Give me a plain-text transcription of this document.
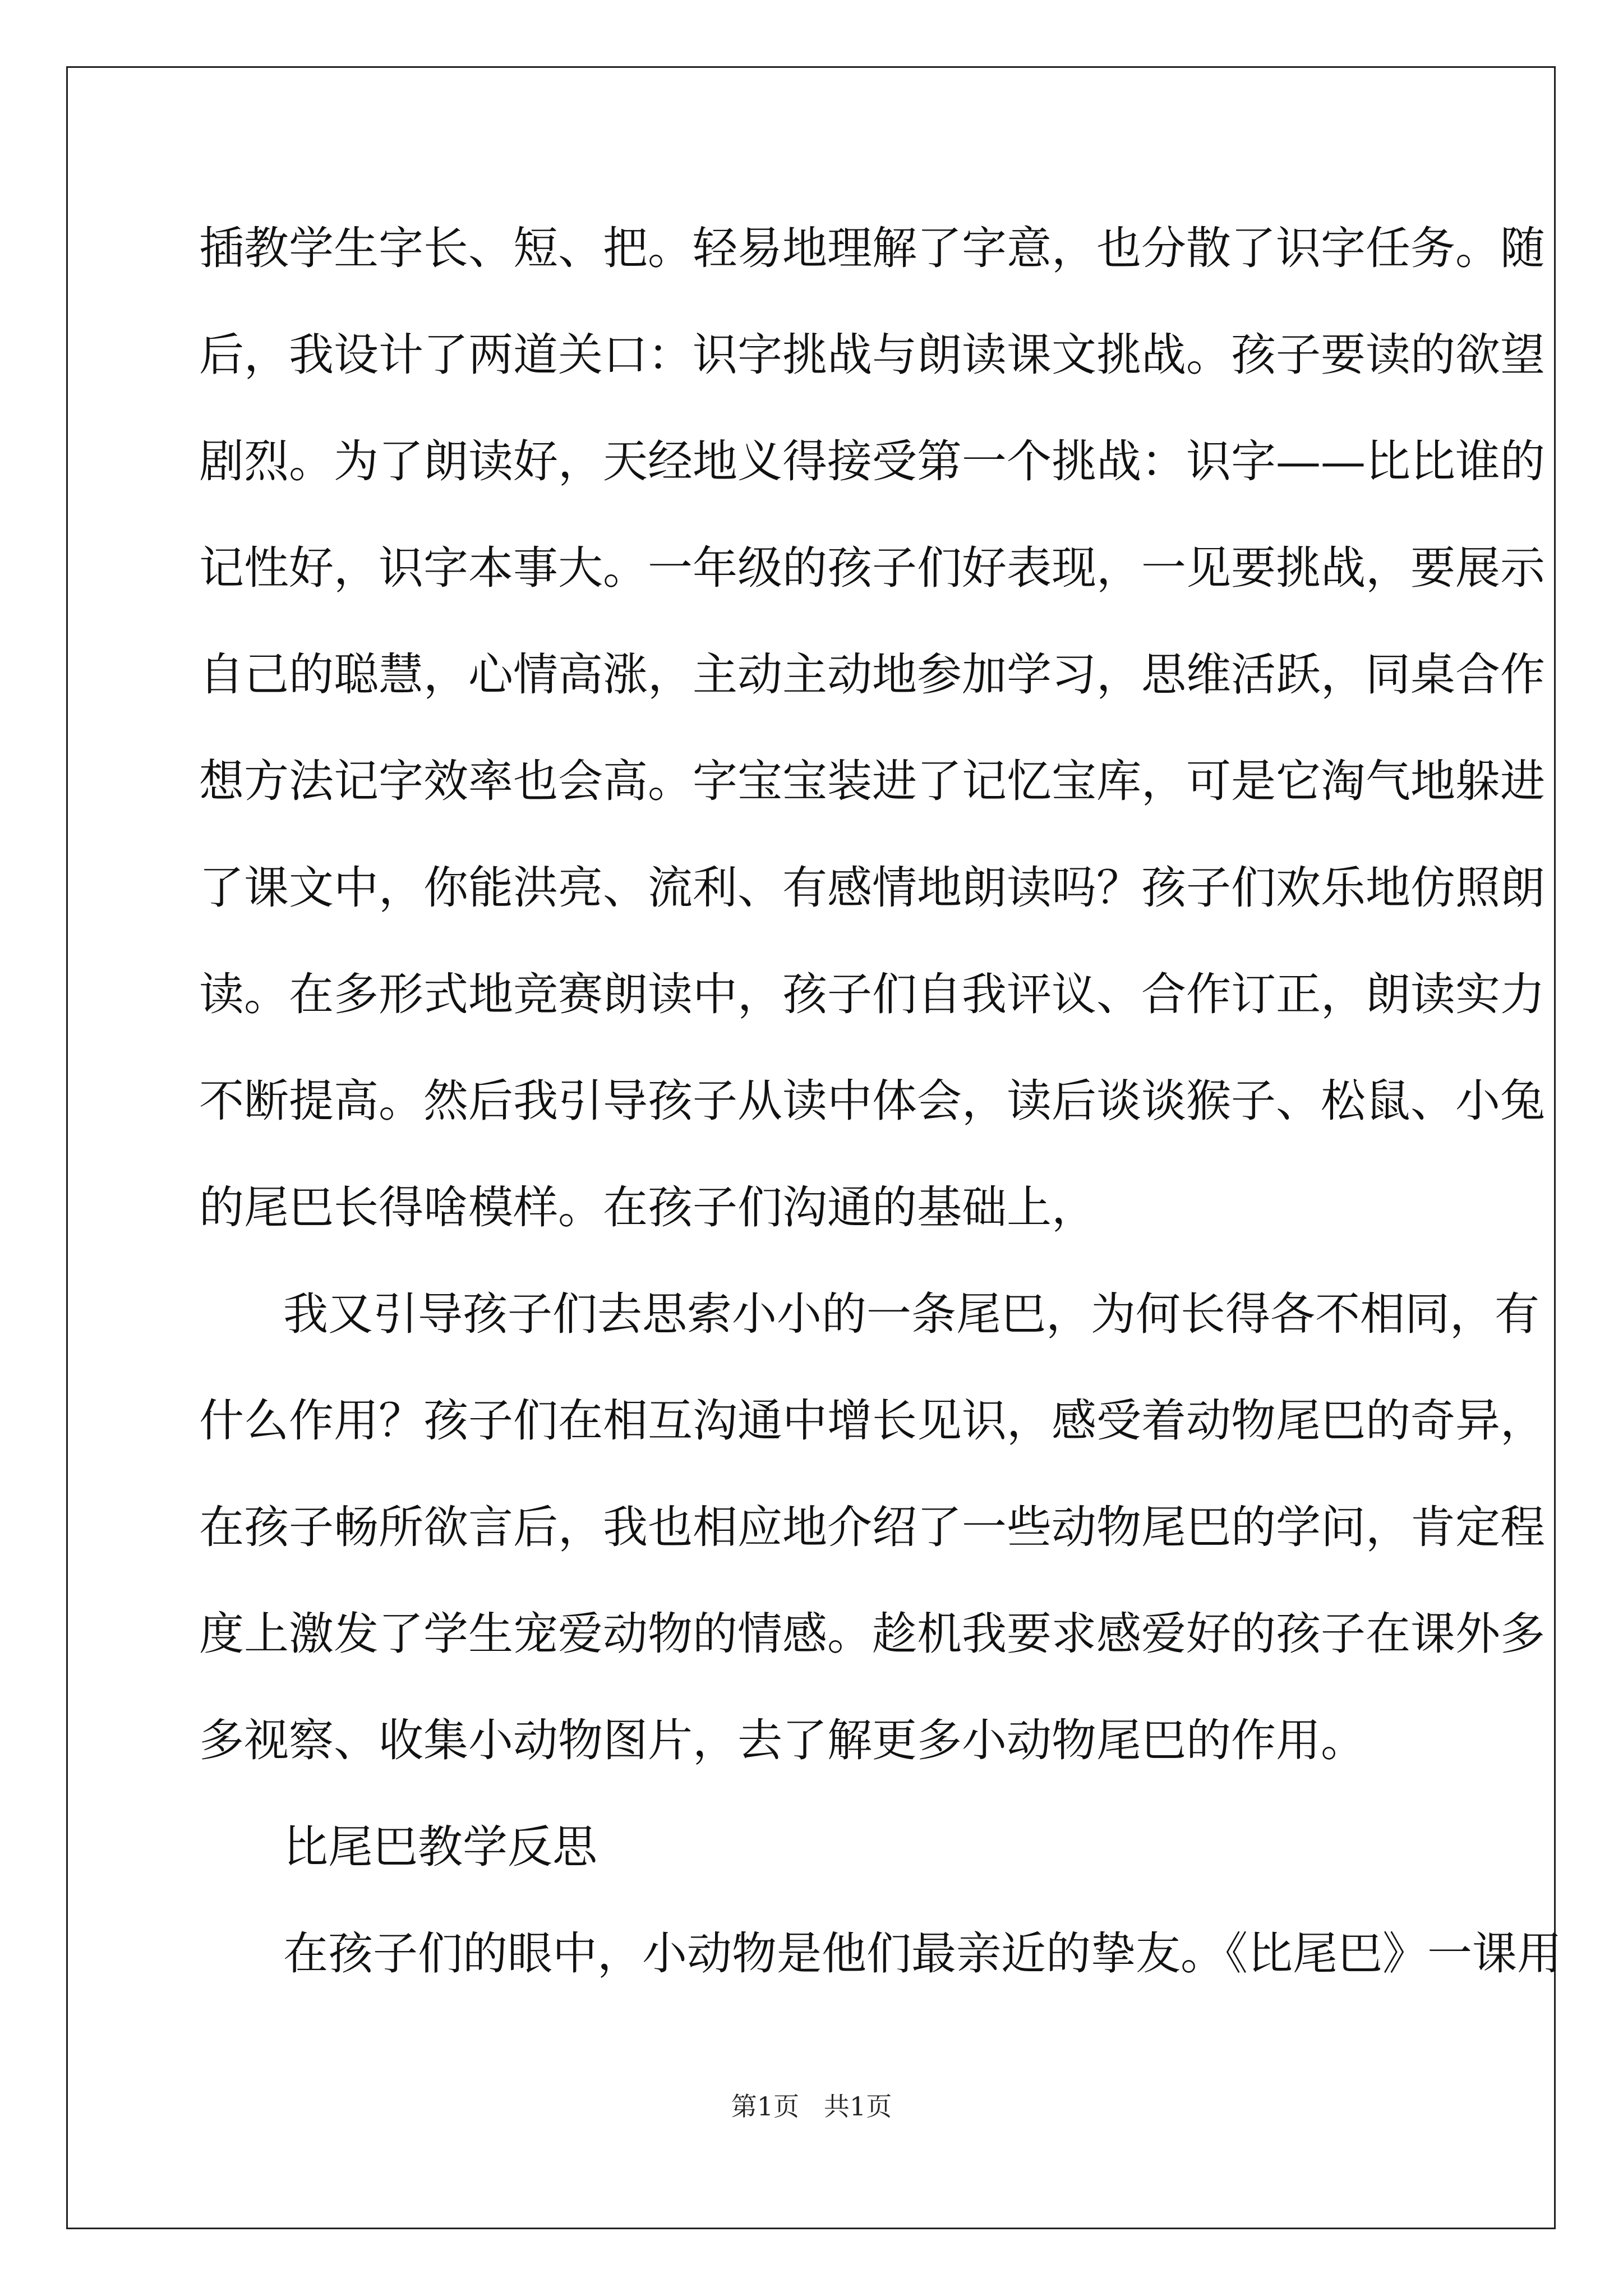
插教学生字长、短、把。轻易地理解了字意，也分散了识字任务。随
后，我设计了两道关口：识字挑战与朗读课文挑战。孩子要读的欲望
剧烈。为了朗读好，天经地义得接受第一个挑战：识字——比比谁的
记性好，识字本事大。一年级的孩子们好表现，一见要挑战，要展示
自己的聪慧，心情高涨，主动主动地参加学习，思维活跃，同桌合作
想方法记字效率也会高。字宝宝装进了记忆宝库，可是它淘气地躲进
了课文中，你能洪亮、流利、有感情地朗读吗？孩子们欢乐地仿照朗
读。在多形式地竞赛朗读中，孩子们自我评议、合作订正，朗读实力
不断提高。然后我引导孩子从读中体会，读后谈谈猴子、松鼠、小兔
的尾巴长得啥模样。在孩子们沟通的基础上，
我又引导孩子们去思索小小的一条尾巴，为何长得各不相同，有
什么作用？孩子们在相互沟通中增长见识，感受着动物尾巴的奇异，
在孩子畅所欲言后，我也相应地介绍了一些动物尾巴的学问，肯定程
度上激发了学生宠爱动物的情感。趁机我要求感爱好的孩子在课外多
多视察、收集小动物图片，去了解更多小动物尾巴的作用。
比尾巴教学反思
在孩子们的眼中，小动物是他们最亲近的挚友。《比尾巴》一课用
第1页   共1页
